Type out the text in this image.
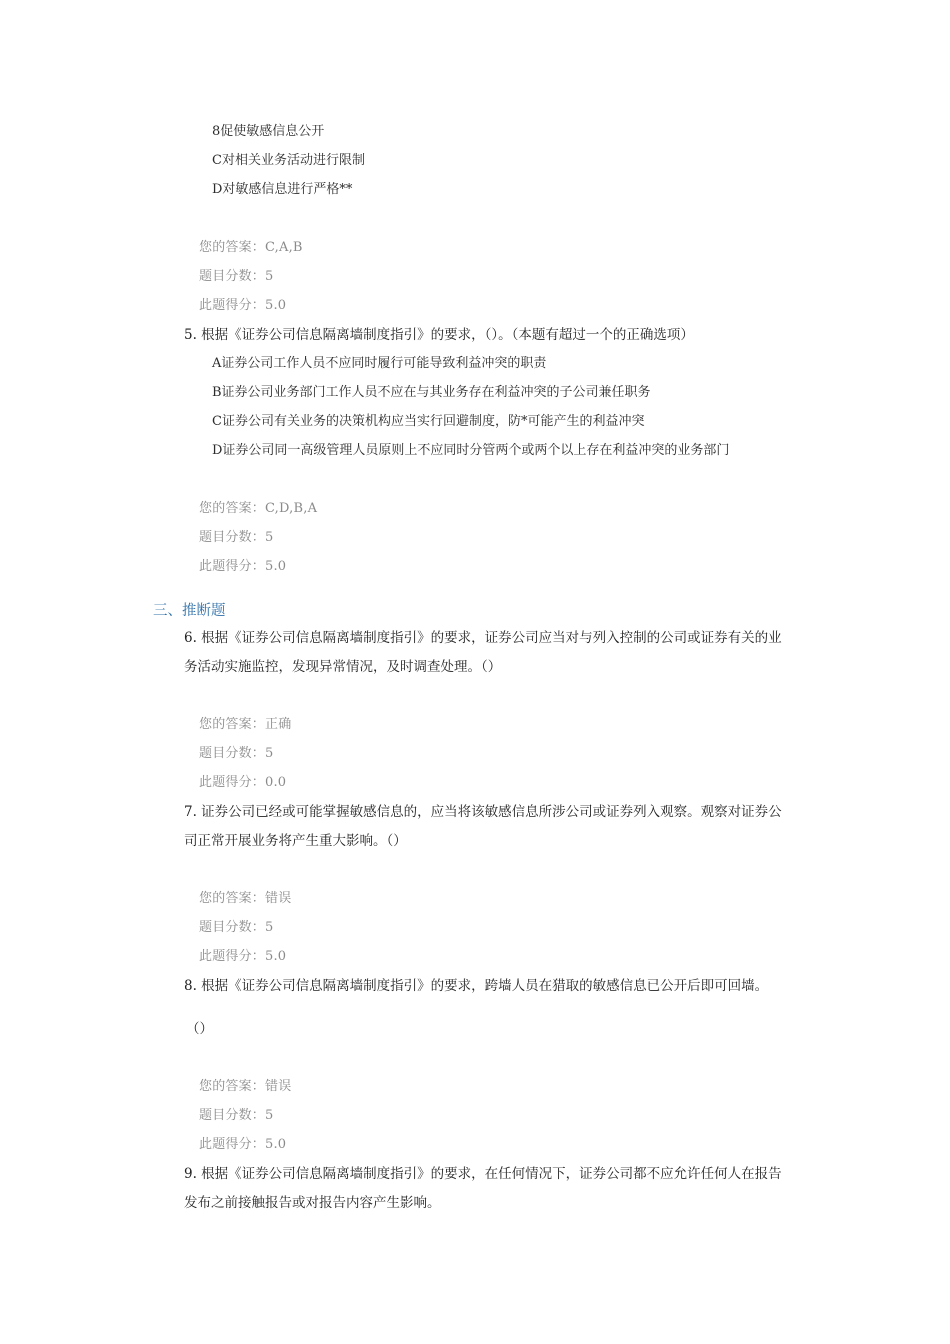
8促使敏感信息公开
C对相关业务活动进行限制
D对敏感信息进行严格**
您的答案：C,A,B
题目分数：5
此题得分：5.0
5. 根据《证券公司信息隔离墙制度指引》的要求，（）。（本题有超过一个的正确选项）
A证券公司工作人员不应同时履行可能导致利益冲突的职责
B证券公司业务部门工作人员不应在与其业务存在利益冲突的子公司兼任职务
C证券公司有关业务的决策机构应当实行回避制度，防*可能产生的利益冲突
D证券公司同一高级管理人员原则上不应同时分管两个或两个以上存在利益冲突的业务部门
您的答案：C,D,B,A
题目分数：5
此题得分：5.0
三、推断题
6. 根据《证券公司信息隔离墙制度指引》的要求，证券公司应当对与列入控制的公司或证券有关的业
务活动实施监控，发现异常情况，及时调查处理。（）
您的答案：正确
题目分数：5
此题得分：0.0
7. 证券公司已经或可能掌握敏感信息的，应当将该敏感信息所涉公司或证券列入观察。观察对证券公
司正常开展业务将产生重大影响。（）
您的答案：错误
题目分数：5
此题得分：5.0
8. 根据《证券公司信息隔离墙制度指引》的要求，跨墙人员在猎取的敏感信息已公开后即可回墙。
（）
您的答案：错误
题目分数：5
此题得分：5.0
9. 根据《证券公司信息隔离墙制度指引》的要求，在任何情况下，证券公司都不应允许任何人在报告
发布之前接触报告或对报告内容产生影响。
